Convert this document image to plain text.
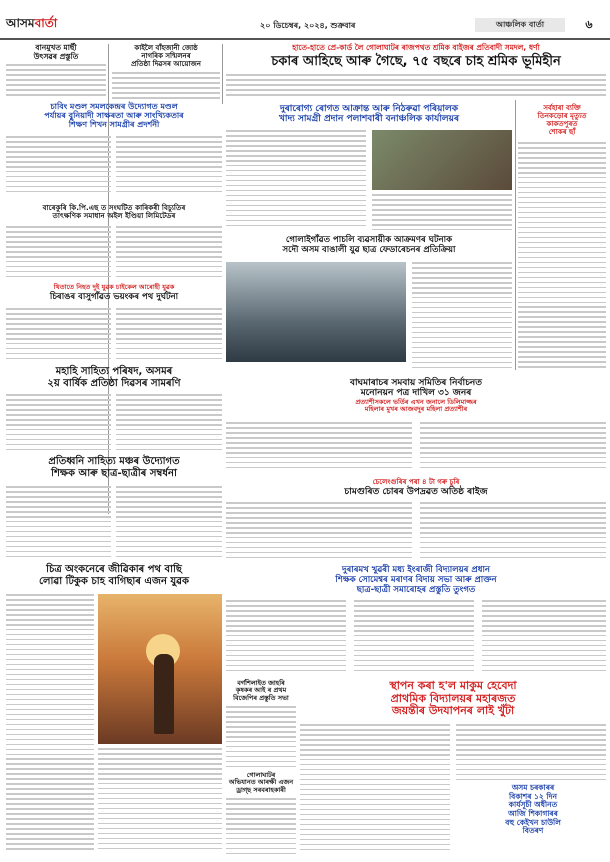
আসমবাৰ্তা	২০ ডিচেম্বৰ, ২০২৪, শুক্ৰবাৰ	আঞ্চলিক বাৰ্তা	৬
বানমুখত মাৰ্ছী
উৎসৱৰ প্ৰস্তুতি
কাইলৈ বাঁহজানী জোষ্ঠ
নাগৰিক সন্মিলনৰ
প্ৰতিষ্ঠা দিৱসৰ আয়োজন
চাবিং মণ্ডল সমলকেন্দ্ৰৰ উদ্যোগত মণ্ডল
পৰ্যায়ৰ বুনিয়াদী সাক্ষৰতা আৰু সাংখ্যিকতাৰ
শিক্ষণ শিখন সামগ্ৰীৰ প্ৰদৰ্শনী
বাৰেকুৰি কি.পি.এছ ত সংঘটিত কাৰিকৰী বিচ্যুতিৰ
তাৎক্ষণিক সমাধান অইল ইণ্ডিয়া লিমিটেডৰ
থিতাতে নিহত দুই যুৱক চাইকেল আৰোহী যুৱক
চিৰাঙৰ বাসুগাঁৱত ভয়ংকৰ পথ দুৰ্ঘটনা
মহাহি সাহিত্য পৰিষদ, অসমৰ
২য় বাৰ্ষিক প্ৰতিষ্ঠা দিৱসৰ সামৰণি
প্ৰতিধ্বনি সাহিত্য মঞ্চৰ উদ্যোগত
শিক্ষক আৰু ছাত্ৰ-ছাত্ৰীৰ সম্বৰ্ধনা
চিত্ৰ অংকনেৰে জীৱিকাৰ পথ বাছি
লোৱা টিকুক চাহ বাগিছাৰ এজন যুৱক
হাতে-হাতে প্ৰে-কাৰ্ড লৈ গোলাঘাটৰ ৰাজপথত শ্ৰমিক বাইজৰ প্ৰতিবাদী সমদল, ধৰ্ণা
চকাৰ আহিছে আৰু গৈছে, ৭৫ বছৰে চাহ শ্ৰমিক ভূমিহীন
দুৰাৰোগ্য ৰোগত আক্ৰান্ত আৰু নিঠৰুৱা পৰিয়ালক
খাদ্য সামগ্ৰী প্ৰদান পলাশবাৰী বনাঞ্চলিক কাৰ্যালয়ৰ
গোলাইগাঁৱত পাচলি ব্যৱসায়ীক আক্ৰমণৰ ঘটনাক
সদৌ অসম বাঙালী যুৱ ছাত্ৰ ফেডাৰেচনৰ প্ৰতিক্ৰিয়া
সৰ্বহাৰা ব্যক্তি
তিনকড়োৰ মৃত্যুত
কাকতপুৰত
শোকৰ ছাঁ
বাঘমাৰাচৰ সমবায় সমিতিৰ নিৰ্বাচনত
মনোনয়ন পত্ৰ দাখিল ৩১ জনৰ
প্ৰত্যাশীসকলে ভৰ্তিৰ এখন জনালে ডিলিমাজ্জৰ
মহিলাৰ মুখৰ আজবদুৰ মহিলা প্ৰত্যাশীৰ
চেলেংগুৰিৰ পৰা ৪ টা গৰু চুৰি
চামগুৰিত চোৰৰ উপদ্ৰৱত অতিষ্ঠ ৰাইজ
দুৰাৰমখ খুৱৰী মধ্য ইংৰাজী বিদ্যালয়ৰ প্ৰধান
শিক্ষক সোমেশ্বৰ মৰাণৰ বিদায় সভা আৰু প্ৰাক্তন
ছাত্ৰ-ছাত্ৰী সমাৰোহৰ প্ৰস্তুতি তুংগত
স্থাপন কৰা হ'ল মাকুম হেবেদা
প্ৰাথমিক বিদ্যালয়ৰ মহাৰজত
জয়ন্তীৰ উদযাপনৰ লাই খুঁটা
বৰ্গশিলাইত জাহৰি
কৃষকৰ আই ৰ প্ৰথম
বিজেপিৰ প্ৰস্তুতি সভা
গোলাঘাটৰ
অভিযানত আৰক্ষী এজন
ড্ৰাগ্ছ সৰবৰাহকাৰী	অসম চৰকাৰৰ
বিকাশৰ ১২ দিন
কাৰ্যসূচী অধীনত
আজি শিকাগাৰৰ
বহু কেইখন চাউলি
বিতৰণ
